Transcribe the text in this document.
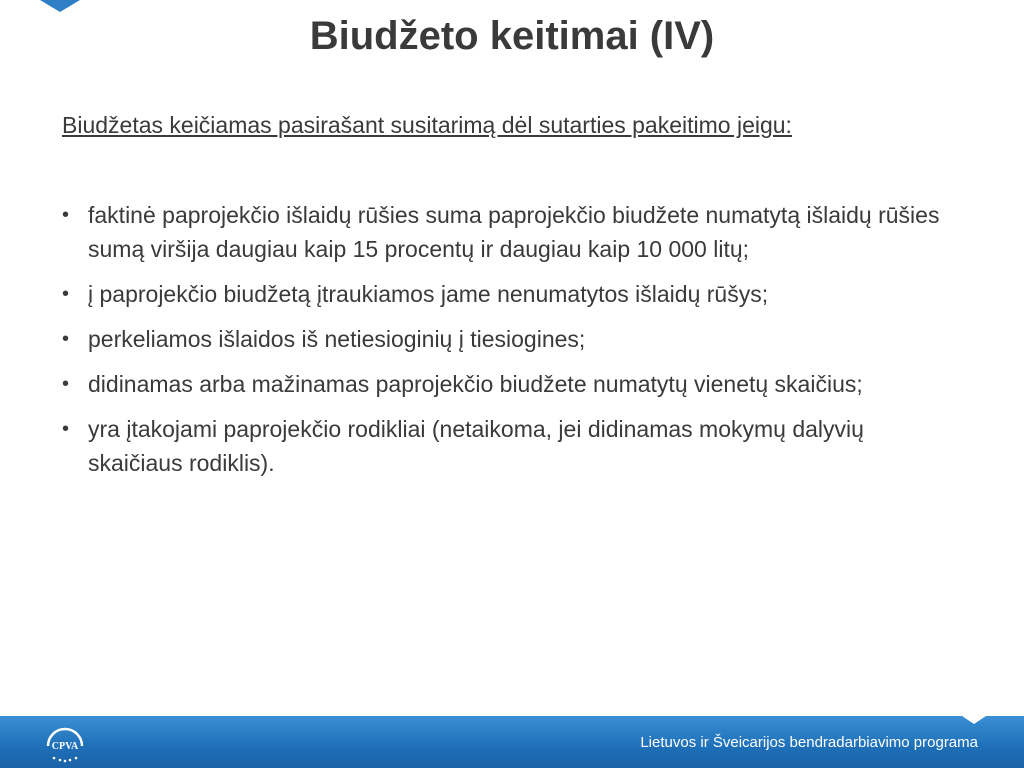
Biudžeto keitimai (IV)

Biudžetas keičiamas pasirašant susitarimą dėl sutarties pakeitimo jeigu:

• faktinė paprojekčio išlaidų rūšies suma paprojekčio biudžete numatytą išlaidų rūšies sumą viršija daugiau kaip 15 procentų ir daugiau kaip 10 000 litų;
• į paprojekčio biudžetą įtraukiamos jame nenumatytos išlaidų rūšys;
• perkeliamos išlaidos iš netiesioginių į tiesiogines;
• didinamas arba mažinamas paprojekčio biudžete numatytų vienetų skaičius;
• yra įtakojami paprojekčio rodikliai (netaikoma, jei didinamas mokymų dalyvių skaičiaus rodiklis).
CPVA	Lietuvos ir Šveicarijos bendradarbiavimo programa
